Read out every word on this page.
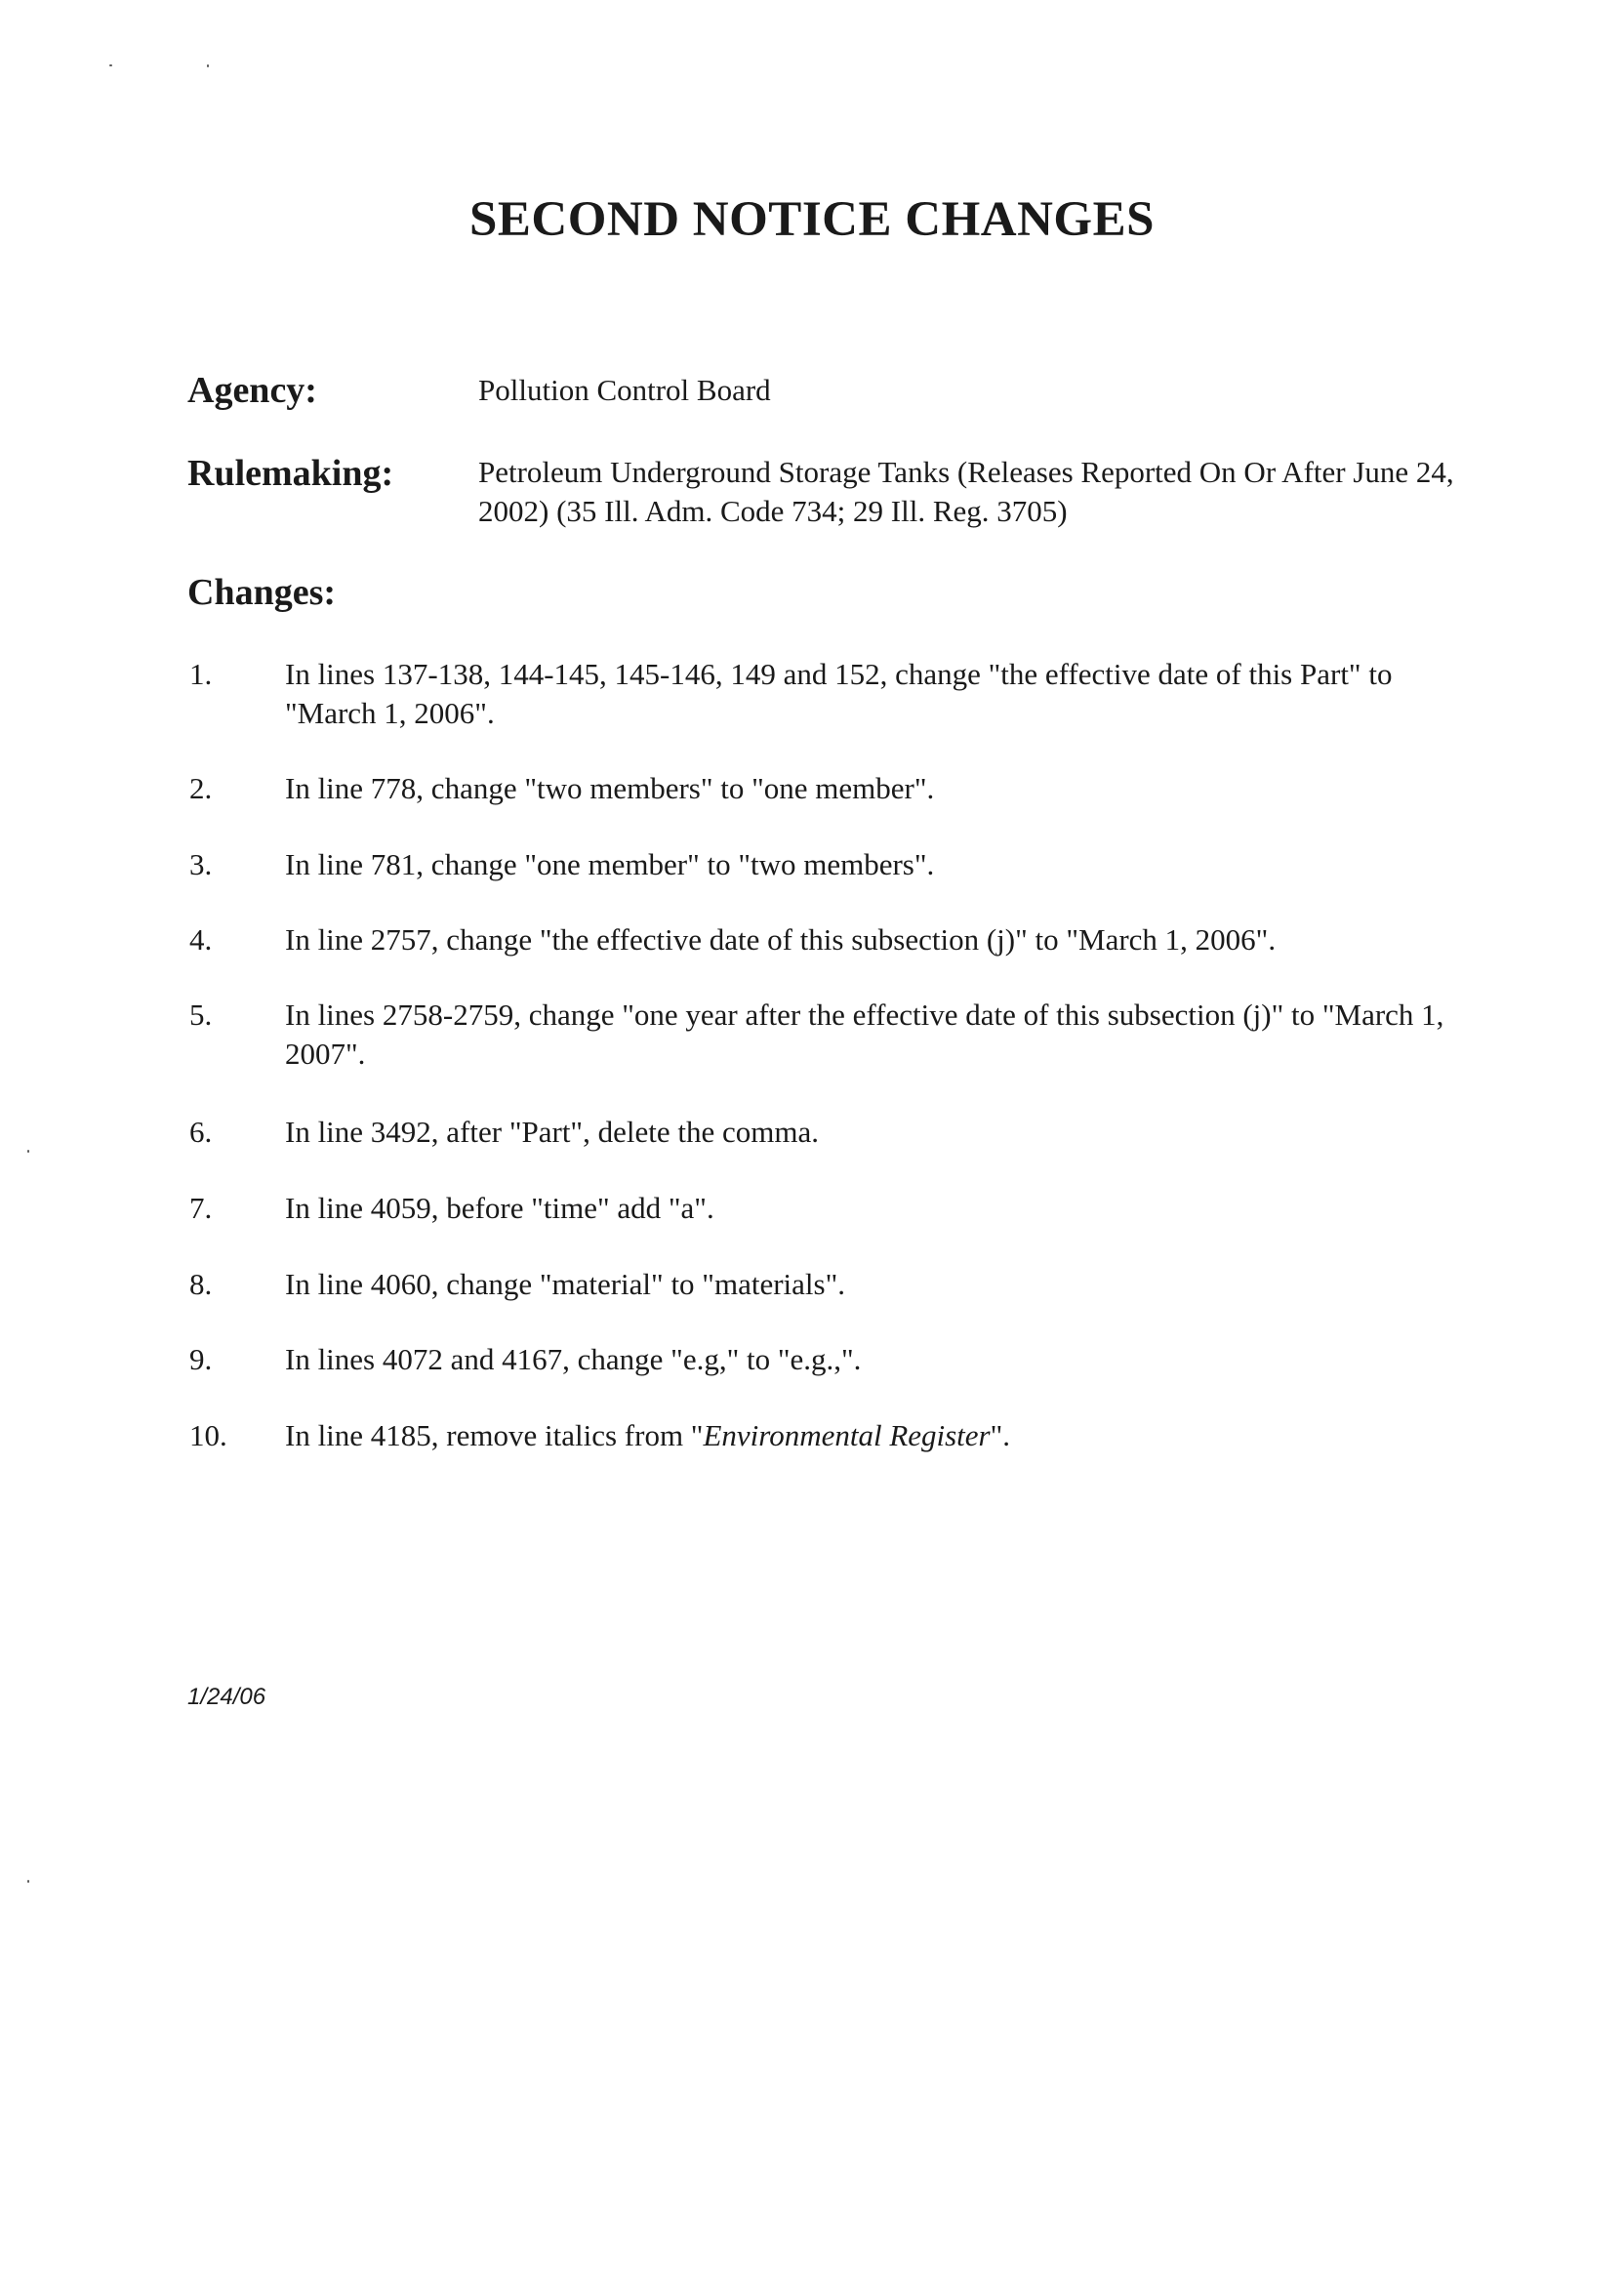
SECOND NOTICE CHANGES
Agency:	Pollution Control Board
Rulemaking:	Petroleum Underground Storage Tanks (Releases Reported On Or After June 24, 2002) (35 Ill. Adm. Code 734; 29 Ill. Reg. 3705)
Changes:
1. In lines 137-138, 144-145, 145-146, 149 and 152, change "the effective date of this Part" to "March 1, 2006".
2. In line 778, change "two members" to "one member".
3. In line 781, change "one member" to "two members".
4. In line 2757, change "the effective date of this subsection (j)" to "March 1, 2006".
5. In lines 2758-2759, change "one year after the effective date of this subsection (j)" to "March 1, 2007".
6. In line 3492, after "Part", delete the comma.
7. In line 4059, before "time" add "a".
8. In line 4060, change "material" to "materials".
9. In lines 4072 and 4167, change "e.g," to "e.g.,".
10. In line 4185, remove italics from "Environmental Register".
1/24/06
